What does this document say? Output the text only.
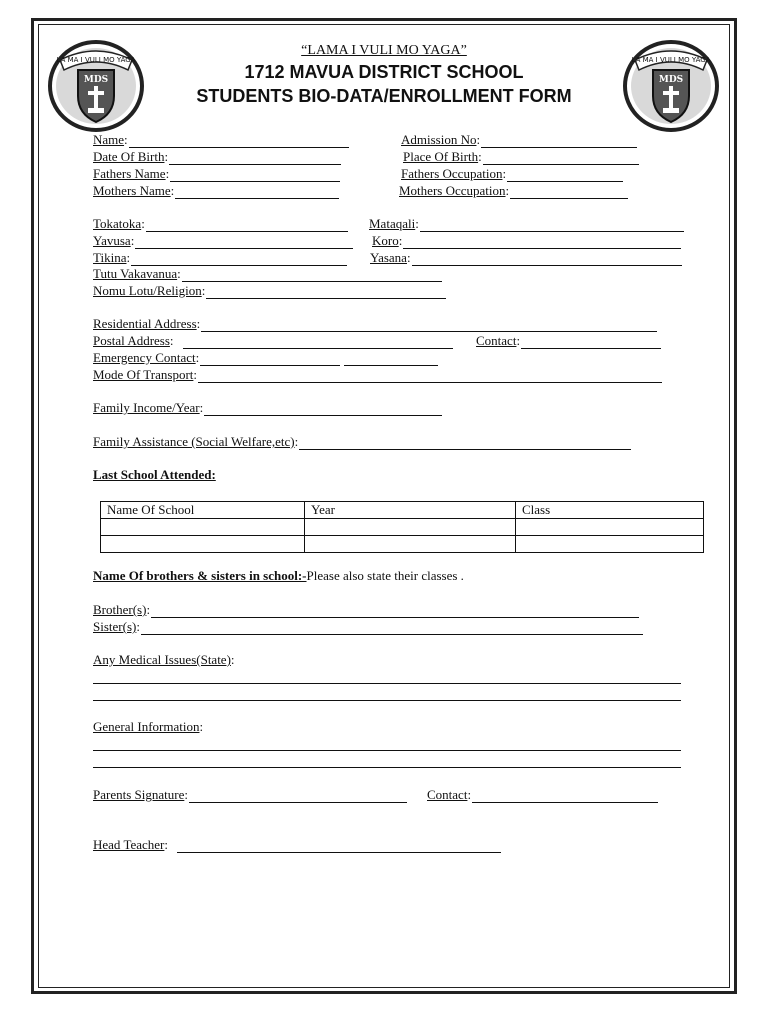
LA MA I VULI MO YAGA
MDS
LA MA I VULI MO YAGA
MDS
“LAMA I VULI MO YAGA”
1712 MAVUA DISTRICT SCHOOL
STUDENTS BIO-DATA/ENROLLMENT FORM
Name :	Admission No :
Date Of Birth :	Place Of Birth :
Fathers Name :	Fathers Occupation :
Mothers Name :	Mothers Occupation :
Tokatoka :	Mataqali :
Yavusa :	Koro :
Tikina :	Yasana :
Tutu Vakavanua :
Nomu Lotu/Religion :
Residential Address :
Postal Address :	Contact :
Emergency Contact :
Mode Of Transport :
Family Income/Year :
Family Assistance (Social Welfare,etc) :
Last School Attended:
Name Of School	Year	Class

Name Of brothers & sisters in school:- Please also state their classes .
Brother(s) :
Sister(s) :
Any Medical Issues(State) :
General Information :
Parents Signature :	Contact :
Head Teacher :
